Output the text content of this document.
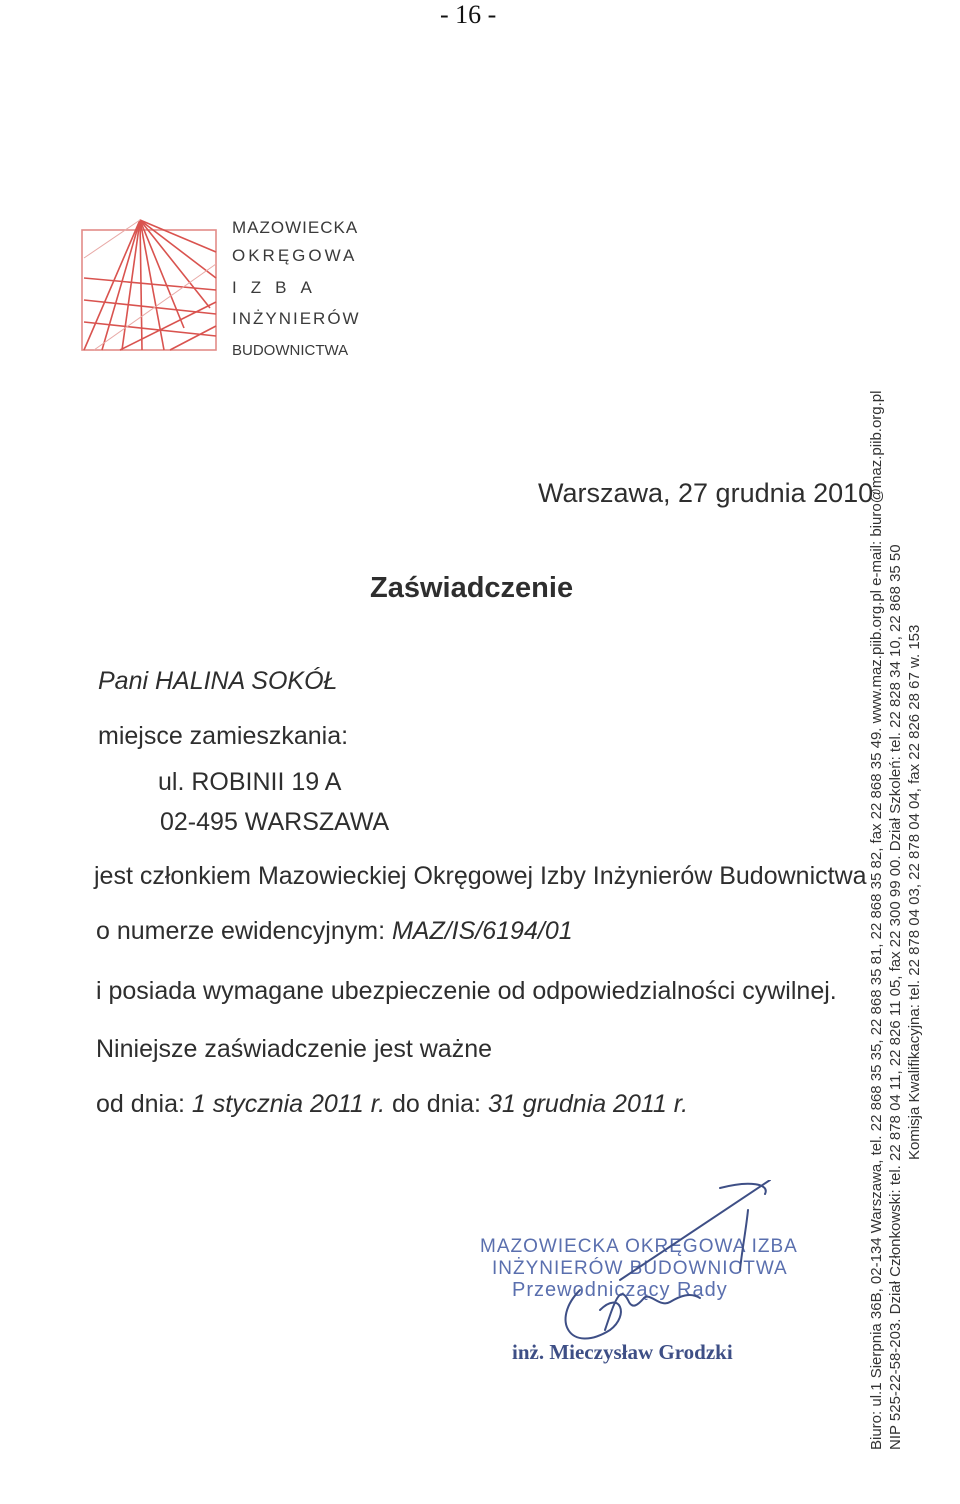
- 16 -
MAZOWIECKA
OKRĘGOWA
IZBA
INŻYNIERÓW
BUDOWNICTWA
Warszawa, 27 grudnia 2010
Zaświadczenie
Pani HALINA SOKÓŁ
miejsce zamieszkania:
ul. ROBINII 19 A
02-495 WARSZAWA
jest członkiem Mazowieckiej Okręgowej Izby Inżynierów Budownictwa
o numerze ewidencyjnym: MAZ/IS/6194/01
i posiada wymagane ubezpieczenie od odpowiedzialności cywilnej.
Niniejsze zaświadczenie jest ważne
od dnia: 1 stycznia 2011 r. do dnia: 31 grudnia 2011 r.
MAZOWIECKA OKRĘGOWA IZBA
INŻYNIERÓW BUDOWNICTWA
Przewodniczący Rady
inż. Mieczysław Grodzki	Biuro: ul.1 Sierpnia 36B, 02-134 Warszawa, tel. 22 868 35 35, 22 868 35 81, 22 868 35 82, fax 22 868 35 49. www.maz.piib.org.pl e-mail: biuro@maz.piib.org.pl NIP 525-22-58-203. Dział Członkowski: tel. 22 878 04 11, 22 826 11 05, fax 22 300 99 00. Dział Szkoleń: tel. 22 828 34 10, 22 868 35 50 Komisja Kwalifikacyjna: tel. 22 878 04 03, 22 878 04 04, fax 22 826 28 67 w. 153
